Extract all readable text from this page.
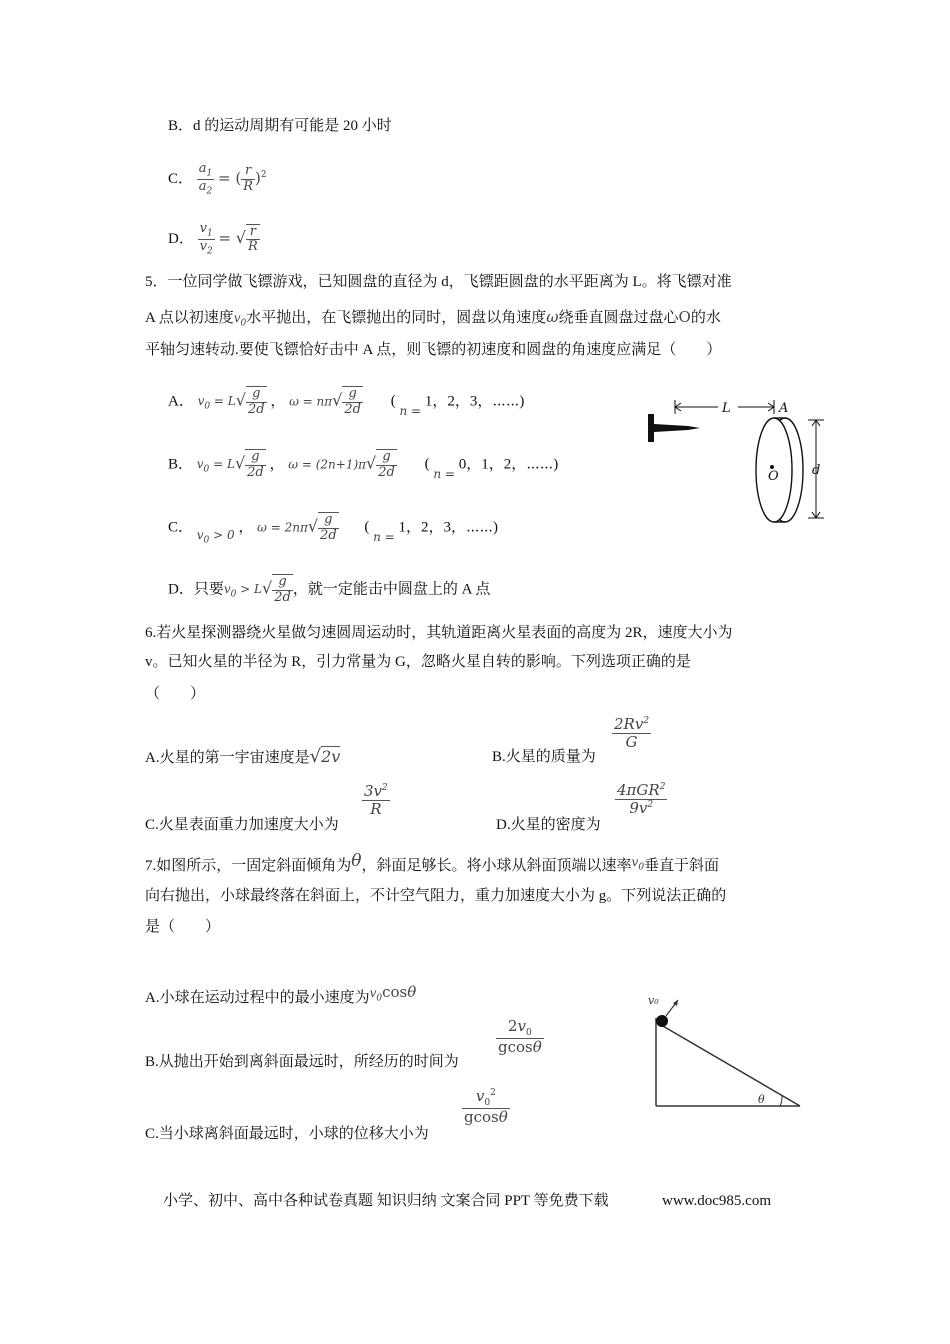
B．d 的运动周期有可能是 20 小时
C． $\frac{a_1}{a_2}$ = ( $\frac{r}{R} )^2$
D． $\frac{v_1}{v_2}$ = √ $\frac{r}{R}$
5．一位同学做飞镖游戏，已知圆盘的直径为 d，飞镖距圆盘的水平距离为 L。将飞镖对准
A 点以初速度$v_0$水平抛出，在飞镖抛出的同时，圆盘以角速度ω绕垂直圆盘过盘心O的水
平轴匀速转动.要使飞镖恰好击中 A 点，则飞镖的初速度和圆盘的角速度应满足（　　）
A． $v_0 = L√ \frac{g}{2d}$ ， $\omega = n\pi√ \frac{g}{2d}$ ( $_{n =}$ 1，2，3，⋯⋯)
B． $v_0 = L√ \frac{g}{2d}$ ， $\omega = (2n+1)\pi√ \frac{g}{2d}$ ( $_{n =}$ 0，1，2，⋯⋯)
C． $_{v_0 > 0}$ ， $\omega = 2n\pi√ \frac{g}{2d}$ ( $_{n =}$ 1，2，3，⋯⋯)
D．只要$v_0 > L√ \frac{g}{2d}$ ，就一定能击中圆盘上的 A 点
L	A
O	d
6.若火星探测器绕火星做匀速圆周运动时，其轨道距离火星表面的高度为 2R，速度大小为
v。已知火星的半径为 R，引力常量为 G，忽略火星自转的影响。下列选项正确的是
（　　）
A.火星的第一宇宙速度是√2v	B.火星的质量为
$\frac{2Rv^2}{G}$
C.火星表面重力加速度大小为
$\frac{3v^2}{R}$
D.火星的密度为
$\frac{4\pi GR^2}{9v^2}$
7.如图所示，一固定斜面倾角为θ，斜面足够长。将小球从斜面顶端以速率$^{v_0}$垂直于斜面
向右抛出，小球最终落在斜面上，不计空气阻力，重力加速度大小为 g。下列说法正确的
是（　　）
A.小球在运动过程中的最小速度为$^{v_0}$cosθ
B.从抛出开始到离斜面最远时，所经历的时间为
$\frac{2v_0}{gcos\theta}$
C.当小球离斜面最远时，小球的位移大小为
$\frac{v_0^2}{gcos\theta}$
v₀
θ
小学、初中、高中各种试卷真题 知识归纳 文案合同 PPT 等免费下载	www.doc985.com
